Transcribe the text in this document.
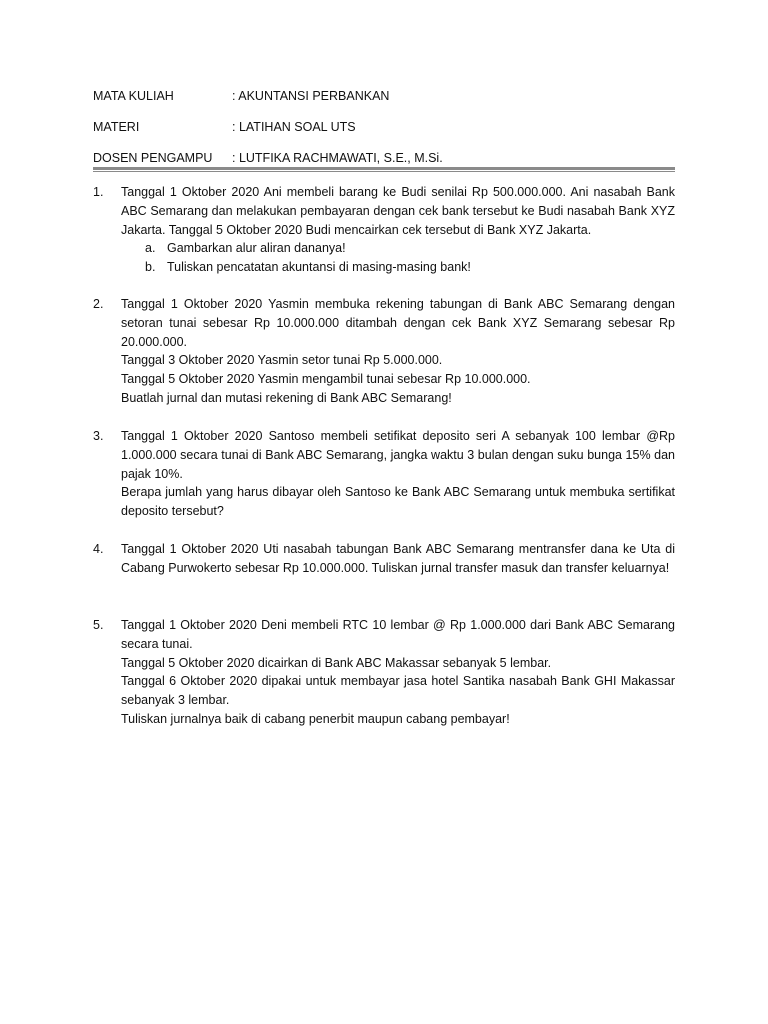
MATA KULIAH	: AKUNTANSI PERBANKAN
MATERI	: LATIHAN SOAL UTS
DOSEN PENGAMPU : LUTFIKA RACHMAWATI, S.E., M.Si.
1. Tanggal 1 Oktober 2020 Ani membeli barang ke Budi senilai Rp 500.000.000. Ani nasabah Bank ABC Semarang dan melakukan pembayaran dengan cek bank tersebut ke Budi nasabah Bank XYZ Jakarta. Tanggal 5 Oktober 2020 Budi mencairkan cek tersebut di Bank XYZ Jakarta.

a. Gambarkan alur aliran dananya!

b. Tuliskan pencatatan akuntansi di masing-masing bank!

2. Tanggal 1 Oktober 2020 Yasmin membuka rekening tabungan di Bank ABC Semarang dengan setoran tunai sebesar Rp 10.000.000 ditambah dengan cek Bank XYZ Semarang sebesar Rp 20.000.000.

Tanggal 3 Oktober 2020 Yasmin setor tunai Rp 5.000.000.

Tanggal 5 Oktober 2020 Yasmin mengambil tunai sebesar Rp 10.000.000.

Buatlah jurnal dan mutasi rekening di Bank ABC Semarang!

3. Tanggal 1 Oktober 2020 Santoso membeli setifikat deposito seri A sebanyak 100 lembar @Rp 1.000.000 secara tunai di Bank ABC Semarang, jangka waktu 3 bulan dengan suku bunga 15% dan pajak 10%.

Berapa jumlah yang harus dibayar oleh Santoso ke Bank ABC Semarang untuk membuka sertifikat deposito tersebut?

4. Tanggal 1 Oktober 2020 Uti nasabah tabungan Bank ABC Semarang mentransfer dana ke Uta di Cabang Purwokerto sebesar Rp 10.000.000. Tuliskan jurnal transfer masuk dan transfer keluarnya!

5. Tanggal 1 Oktober 2020 Deni membeli RTC 10 lembar @ Rp 1.000.000 dari Bank ABC Semarang secara tunai.

Tanggal 5 Oktober 2020 dicairkan di Bank ABC Makassar sebanyak 5 lembar.

Tanggal 6 Oktober 2020 dipakai untuk membayar jasa hotel Santika nasabah Bank GHI Makassar sebanyak 3 lembar.

Tuliskan jurnalnya baik di cabang penerbit maupun cabang pembayar!
